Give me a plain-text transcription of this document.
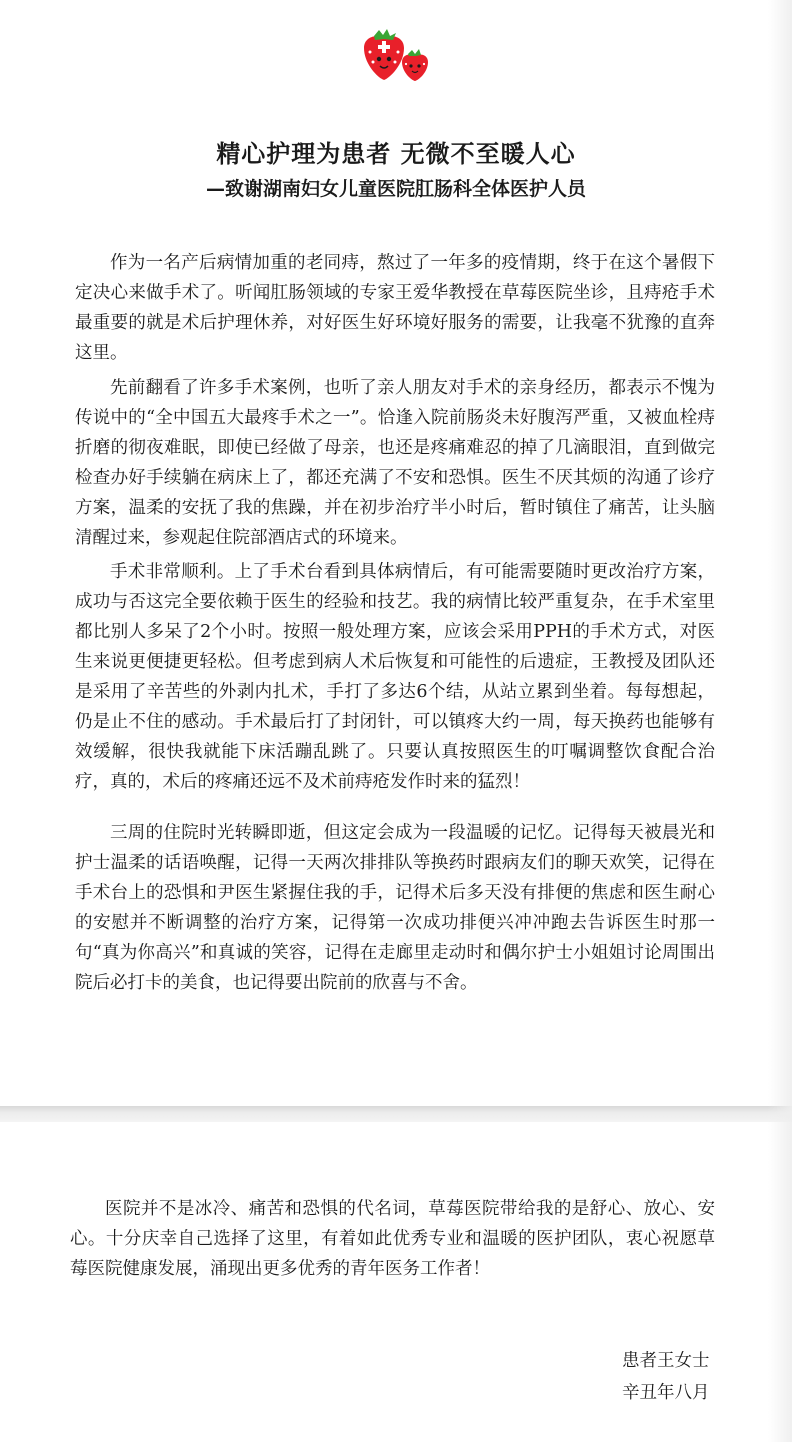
精心护理为患者 无微不至暖人心
—致谢湖南妇女儿童医院肛肠科全体医护人员

作为一名产后病情加重的老同痔，熬过了一年多的疫情期，终于在这个暑假下定决心来做手术了。听闻肛肠领域的专家王爱华教授在草莓医院坐诊，且痔疮手术最重要的就是术后护理休养，对好医生好环境好服务的需要，让我毫不犹豫的直奔这里。

先前翻看了许多手术案例，也听了亲人朋友对手术的亲身经历，都表示不愧为传说中的“全中国五大最疼手术之一”。恰逢入院前肠炎未好腹泻严重，又被血栓痔折磨的彻夜难眠，即使已经做了母亲，也还是疼痛难忍的掉了几滴眼泪，直到做完检查办好手续躺在病床上了，都还充满了不安和恐惧。医生不厌其烦的沟通了诊疗方案，温柔的安抚了我的焦躁，并在初步治疗半小时后，暂时镇住了痛苦，让头脑清醒过来，参观起住院部酒店式的环境来。

手术非常顺利。上了手术台看到具体病情后，有可能需要随时更改治疗方案，成功与否这完全要依赖于医生的经验和技艺。我的病情比较严重复杂，在手术室里都比别人多呆了2个小时。按照一般处理方案，应该会采用PPH的手术方式，对医生来说更便捷更轻松。但考虑到病人术后恢复和可能性的后遗症，王教授及团队还是采用了辛苦些的外剥内扎术，手打了多达6个结，从站立累到坐着。每每想起，仍是止不住的感动。手术最后打了封闭针，可以镇疼大约一周，每天换药也能够有效缓解，很快我就能下床活蹦乱跳了。只要认真按照医生的叮嘱调整饮食配合治疗，真的，术后的疼痛还远不及术前痔疮发作时来的猛烈！

三周的住院时光转瞬即逝，但这定会成为一段温暖的记忆。记得每天被晨光和护士温柔的话语唤醒，记得一天两次排排队等换药时跟病友们的聊天欢笑，记得在手术台上的恐惧和尹医生紧握住我的手，记得术后多天没有排便的焦虑和医生耐心的安慰并不断调整的治疗方案，记得第一次成功排便兴冲冲跑去告诉医生时那一句“真为你高兴”和真诚的笑容，记得在走廊里走动时和偶尔护士小姐姐讨论周围出院后必打卡的美食，也记得要出院前的欣喜与不舍。

医院并不是冰冷、痛苦和恐惧的代名词，草莓医院带给我的是舒心、放心、安心。十分庆幸自己选择了这里，有着如此优秀专业和温暖的医护团队，衷心祝愿草莓医院健康发展，涌现出更多优秀的青年医务工作者！

患者王女士
辛丑年八月
